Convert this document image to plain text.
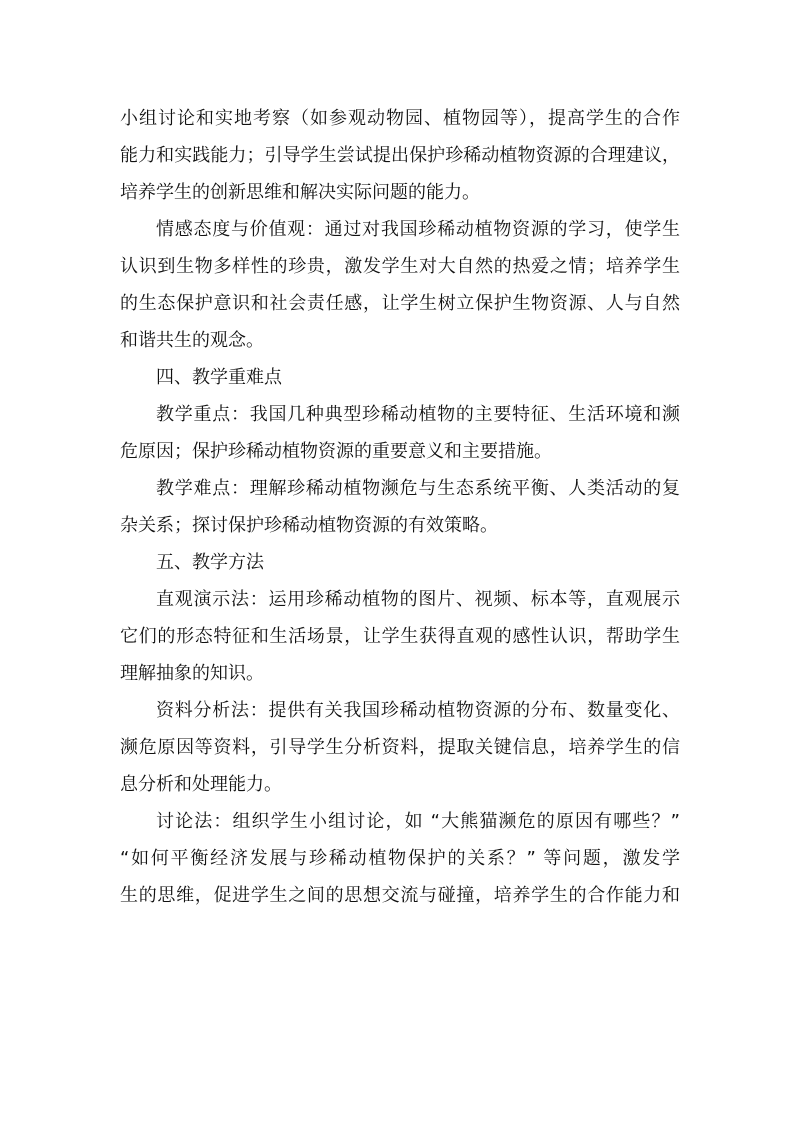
小组讨论和实地考察（如参观动物园、植物园等），提高学生的合作
能力和实践能力；引导学生尝试提出保护珍稀动植物资源的合理建议，
培养学生的创新思维和解决实际问题的能力。

情感态度与价值观：通过对我国珍稀动植物资源的学习，使学生
认识到生物多样性的珍贵，激发学生对大自然的热爱之情；培养学生
的生态保护意识和社会责任感，让学生树立保护生物资源、人与自然
和谐共生的观念。

四、教学重难点

教学重点：我国几种典型珍稀动植物的主要特征、生活环境和濒
危原因；保护珍稀动植物资源的重要意义和主要措施。

教学难点：理解珍稀动植物濒危与生态系统平衡、人类活动的复
杂关系；探讨保护珍稀动植物资源的有效策略。

五、教学方法

直观演示法：运用珍稀动植物的图片、视频、标本等，直观展示
它们的形态特征和生活场景，让学生获得直观的感性认识，帮助学生
理解抽象的知识。

资料分析法：提供有关我国珍稀动植物资源的分布、数量变化、
濒危原因等资料，引导学生分析资料，提取关键信息，培养学生的信
息分析和处理能力。

讨论法：组织学生小组讨论，如 “大熊猫濒危的原因有哪些？”
“如何平衡经济发展与珍稀动植物保护的关系？” 等问题，激发学
生的思维，促进学生之间的思想交流与碰撞，培养学生的合作能力和
